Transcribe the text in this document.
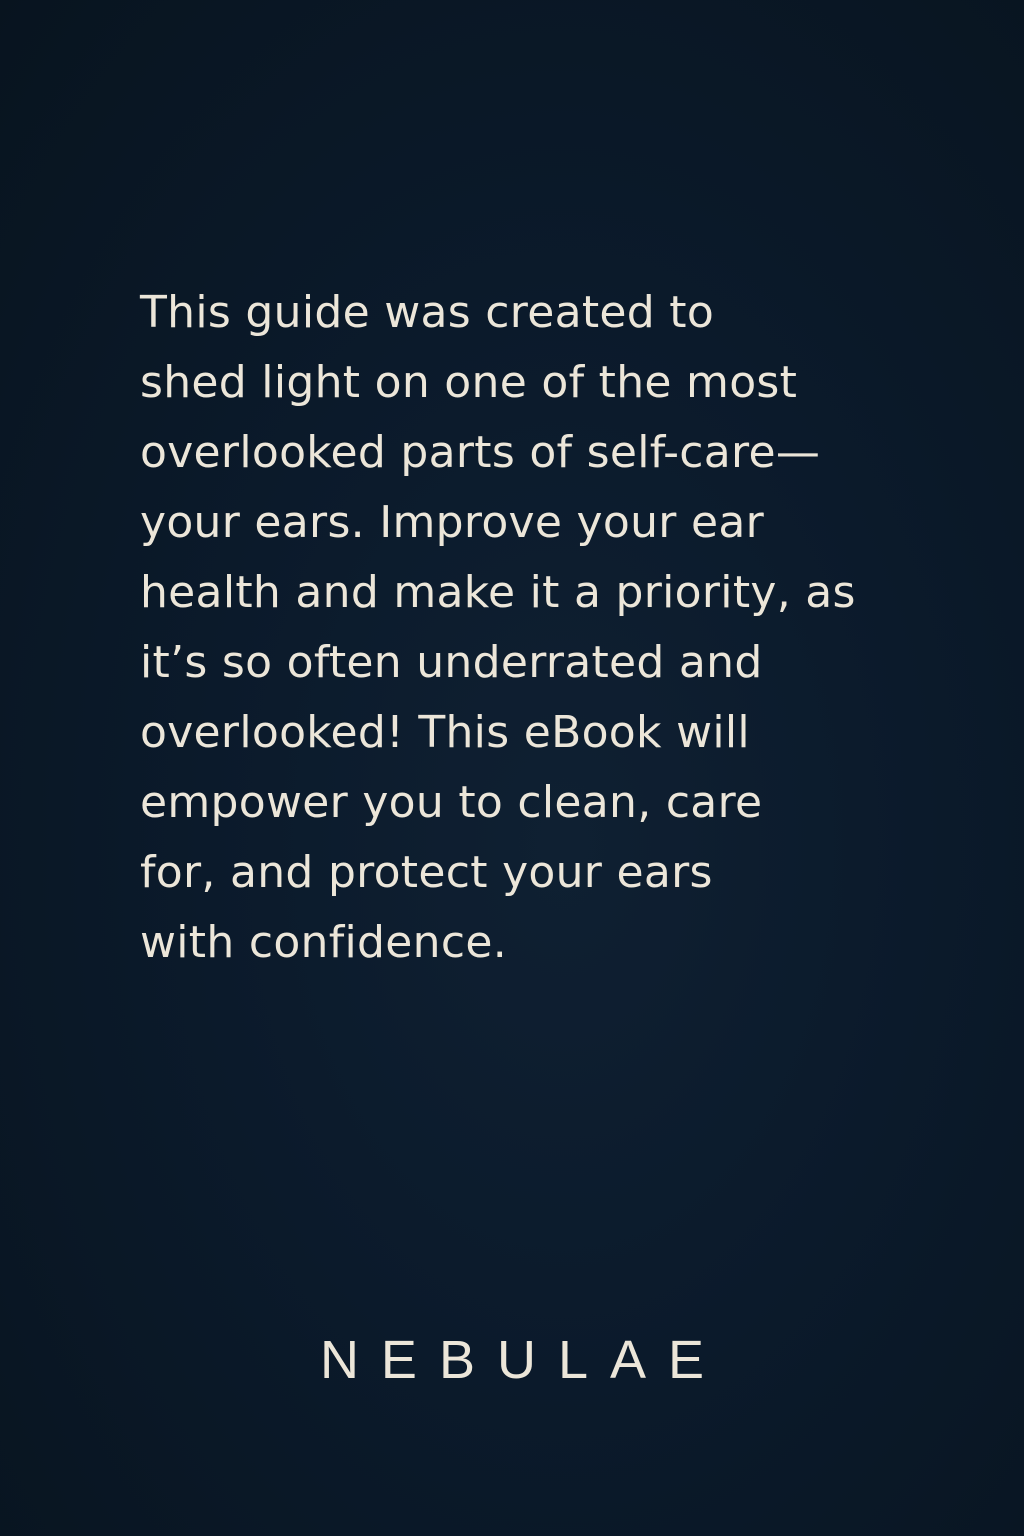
This guide was created to
shed light on one of the most
overlooked parts of self-care—
your ears. Improve your ear
health and make it a priority, as
it’s so often underrated and
overlooked! This eBook will
empower you to clean, care
for, and protect your ears
with confidence.
NEBULAE
